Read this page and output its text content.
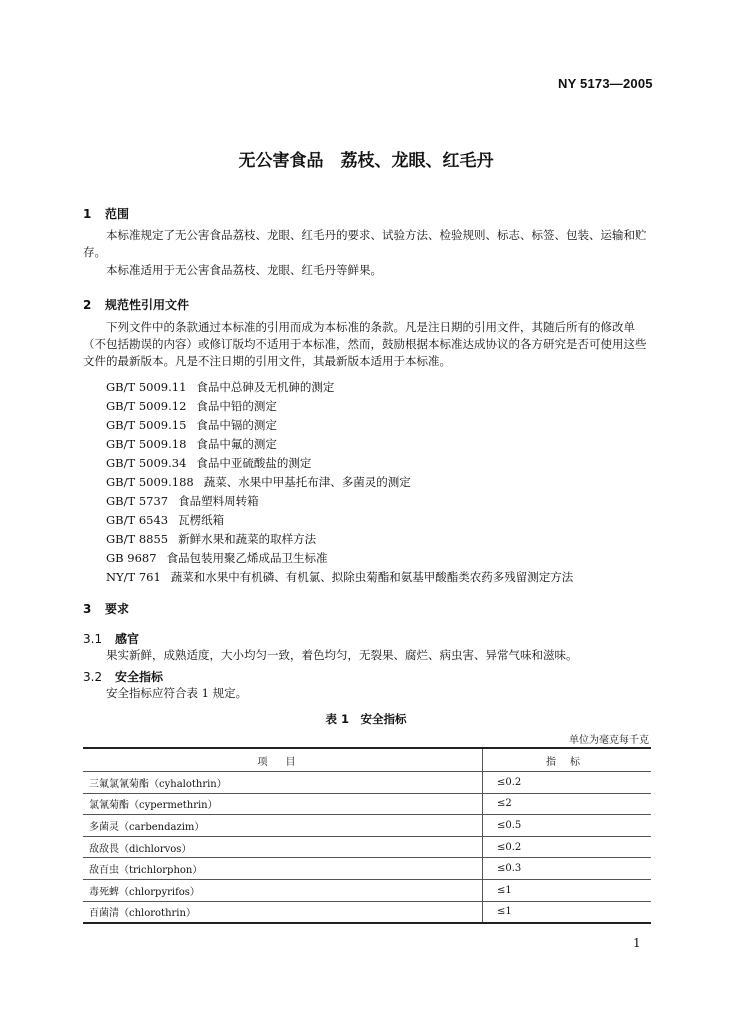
NY 5173—2005
无公害食品　荔枝、龙眼、红毛丹
1 范围
本标准规定了无公害食品荔枝、龙眼、红毛丹的要求、试验方法、检验规则、标志、标签、包装、运输和贮存。
本标准适用于无公害食品荔枝、龙眼、红毛丹等鲜果。
2 规范性引用文件
下列文件中的条款通过本标准的引用而成为本标准的条款。凡是注日期的引用文件，其随后所有的修改单（不包括勘误的内容）或修订版均不适用于本标准，然而，鼓励根据本标准达成协议的各方研究是否可使用这些文件的最新版本。凡是不注日期的引用文件，其最新版本适用于本标准。
GB/T 5009.11 食品中总砷及无机砷的测定
GB/T 5009.12 食品中铅的测定
GB/T 5009.15 食品中镉的测定
GB/T 5009.18 食品中氟的测定
GB/T 5009.34 食品中亚硫酸盐的测定
GB/T 5009.188 蔬菜、水果中甲基托布津、多菌灵的测定
GB/T 5737 食品塑料周转箱
GB/T 6543 瓦楞纸箱
GB/T 8855 新鲜水果和蔬菜的取样方法
GB 9687 食品包装用聚乙烯成品卫生标准
NY/T 761 蔬菜和水果中有机磷、有机氯、拟除虫菊酯和氨基甲酸酯类农药多残留测定方法
3 要求
3.1 感官
果实新鲜，成熟适度，大小均匀一致，着色均匀，无裂果、腐烂、病虫害、异常气味和滋味。
3.2 安全指标
安全指标应符合表 1 规定。
表 1　安全指标
单位为毫克每千克
项目	指标
三氟氯氰菊酯（cyhalothrin）	≤0.2
氯氰菊酯（cypermethrin）	≤2
多菌灵（carbendazim）	≤0.5
敌敌畏（dichlorvos）	≤0.2
敌百虫（trichlorphon）	≤0.3
毒死蜱（chlorpyrifos）	≤1
百菌清（chlorothrin）	≤1
1
